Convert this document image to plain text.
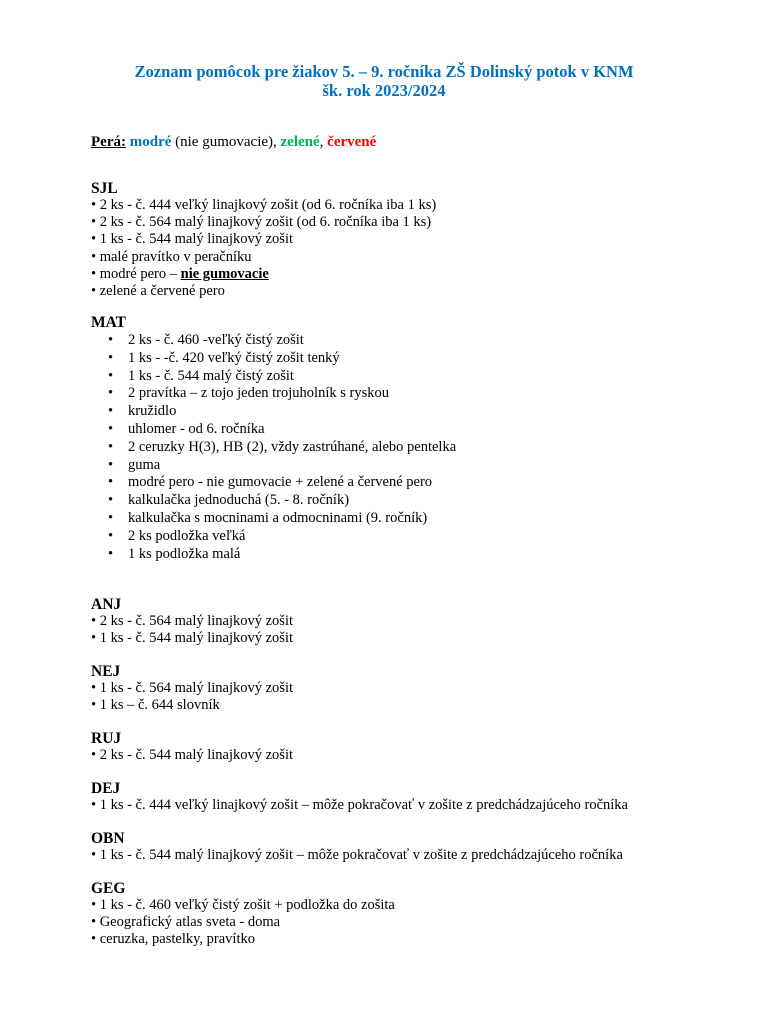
Zoznam pomôcok pre žiakov 5. – 9. ročníka ZŠ Dolinský potok v KNM
šk. rok 2023/2024
Perá: modré (nie gumovacie), zelené, červené
SJL
• 2 ks - č. 444 veľký linajkový zošit (od 6. ročníka iba 1 ks)
• 2 ks - č. 564 malý linajkový zošit (od 6. ročníka iba 1 ks)
• 1 ks - č. 544 malý linajkový zošit
• malé pravítko v peračníku
• modré pero – nie gumovacie
• zelené a červené pero
MAT
• 2 ks - č. 460 -veľký čistý zošit
• 1 ks - -č. 420 veľký čistý zošit tenký
• 1 ks - č. 544 malý čistý zošit
• 2 pravítka – z tojo jeden trojuholník s ryskou
• kružidlo
• uhlomer - od 6. ročníka
• 2 ceruzky H(3), HB (2), vždy zastrúhané, alebo pentelka
• guma
• modré pero - nie gumovacie + zelené a červené pero
• kalkulačka jednoduchá (5. - 8. ročník)
• kalkulačka s mocninami a odmocninami (9. ročník)
• 2 ks podložka veľká
• 1 ks podložka malá
ANJ
• 2 ks - č. 564 malý linajkový zošit
• 1 ks - č. 544 malý linajkový zošit
NEJ
• 1 ks - č. 564 malý linajkový zošit
• 1 ks – č. 644 slovník
RUJ
• 2 ks - č. 544 malý linajkový zošit
DEJ
• 1 ks - č. 444 veľký linajkový zošit – môže pokračovať v zošite z predchádzajúceho ročníka
OBN
• 1 ks - č. 544 malý linajkový zošit – môže pokračovať v zošite z predchádzajúceho ročníka
GEG
• 1 ks - č. 460 veľký čistý zošit + podložka do zošita
• Geografický atlas sveta - doma
• ceruzka, pastelky, pravítko
